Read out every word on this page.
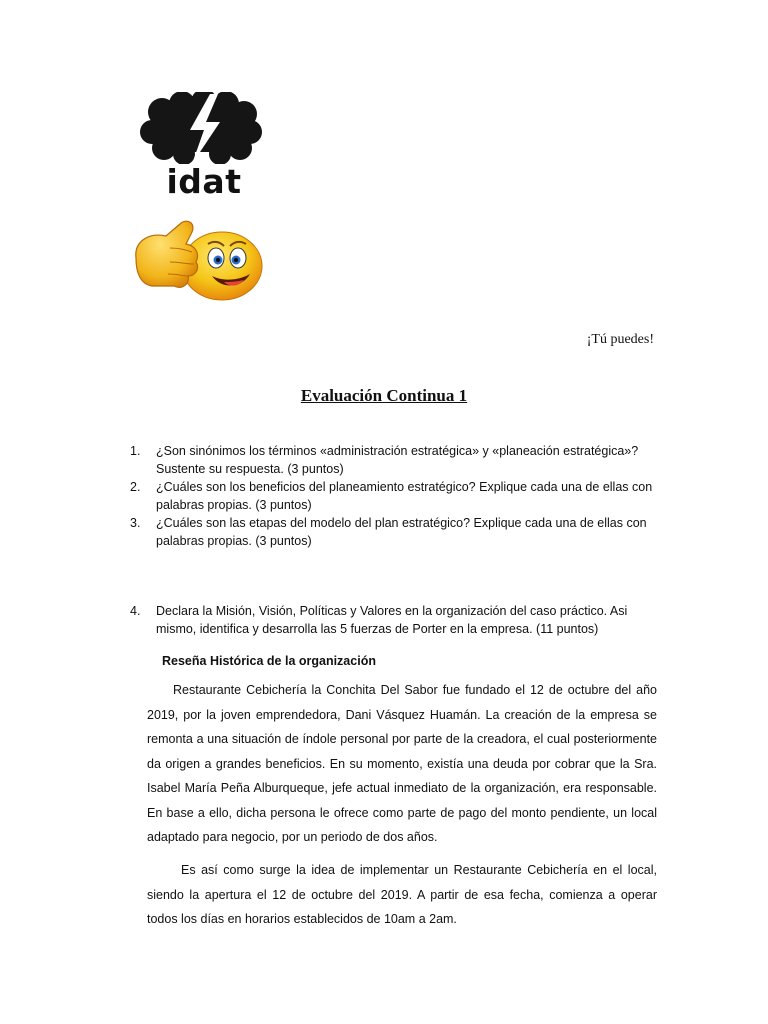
idat
¡Tú puedes!
Evaluación Continua 1
1.	¿Son sinónimos los términos «administración estratégica» y «planeación estratégica»? Sustente su respuesta. (3 puntos)
2.	¿Cuáles son los beneficios del planeamiento estratégico? Explique cada una de ellas con palabras propias. (3 puntos)
3.	¿Cuáles son las etapas del modelo del plan estratégico? Explique cada una de ellas con palabras propias. (3 puntos)
4.	Declara la Misión, Visión, Políticas y Valores en la organización del caso práctico. Asi mismo, identifica y desarrolla las 5 fuerzas de Porter en la empresa. (11 puntos)
Reseña Histórica de la organización
Restaurante Cebichería la Conchita Del Sabor fue fundado el 12 de octubre del año 2019, por la joven emprendedora, Dani Vásquez Huamán. La creación de la empresa se remonta a una situación de índole personal por parte de la creadora, el cual posteriormente da origen a grandes beneficios. En su momento, existía una deuda por cobrar que la Sra. Isabel María Peña Alburqueque, jefe actual inmediato de la organización, era responsable. En base a ello, dicha persona le ofrece como parte de pago del monto pendiente, un local adaptado para negocio, por un periodo de dos años.
Es así como surge la idea de implementar un Restaurante Cebichería en el local, siendo la apertura el 12 de octubre del 2019. A partir de esa fecha, comienza a operar todos los días en horarios establecidos de 10am a 2am.
